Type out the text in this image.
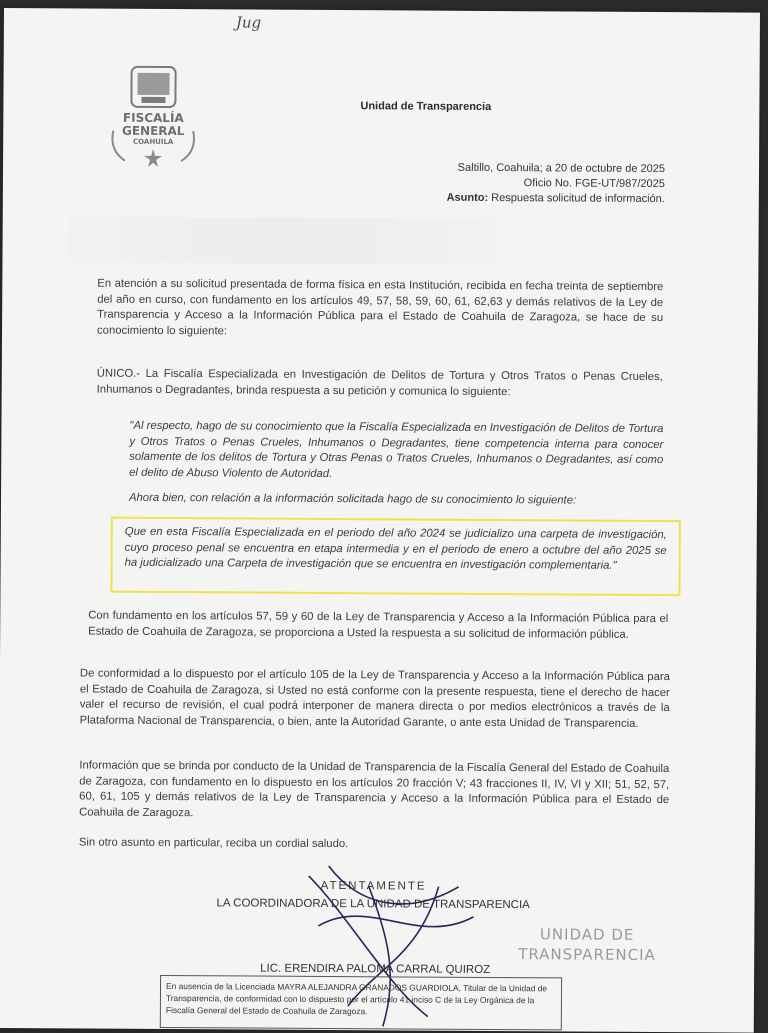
Jug
FISCALÍA
GENERAL
COAHUILA
Unidad de Transparencia
Saltillo, Coahuila; a 20 de octubre de 2025
Oficio No. FGE-UT/987/2025
Asunto: Respuesta solicitud de información.
En atención a su solicitud presentada de forma física en esta Institución, recibida en fecha treinta de septiembre del año en curso, con fundamento en los artículos 49, 57, 58, 59, 60, 61, 62,63 y demás relativos de la Ley de Transparencia y Acceso a la Información Pública para el Estado de Coahuila de Zaragoza, se hace de su conocimiento lo siguiente:
ÚNICO.- La Fiscalía Especializada en Investigación de Delitos de Tortura y Otros Tratos o Penas Crueles, Inhumanos o Degradantes, brinda respuesta a su petición y comunica lo siguiente:
"Al respecto, hago de su conocimiento que la Fiscalía Especializada en Investigación de Delitos de Tortura y Otros Tratos o Penas Crueles, Inhumanos o Degradantes, tiene competencia interna para conocer solamente de los delitos de Tortura y Otras Penas o Tratos Crueles, Inhumanos o Degradantes, así como el delito de Abuso Violento de Autoridad.
Ahora bien, con relación a la información solicitada hago de su conocimiento lo siguiente:
Que en esta Fiscalía Especializada en el periodo del año 2024 se judicializo una carpeta de investigación, cuyo proceso penal se encuentra en etapa intermedia y en el periodo de enero a octubre del año 2025 se ha judicializado una Carpeta de investigación que se encuentra en investigación complementaria."
Con fundamento en los artículos 57, 59 y 60 de la Ley de Transparencia y Acceso a la Información Pública para el Estado de Coahuila de Zaragoza, se proporciona a Usted la respuesta a su solicitud de información pública.
De conformidad a lo dispuesto por el artículo 105 de la Ley de Transparencia y Acceso a la Información Pública para el Estado de Coahuila de Zaragoza, si Usted no está conforme con la presente respuesta, tiene el derecho de hacer valer el recurso de revisión, el cual podrá interponer de manera directa o por medios electrónicos a través de la Plataforma Nacional de Transparencia, o bien, ante la Autoridad Garante, o ante esta Unidad de Transparencia.
Información que se brinda por conducto de la Unidad de Transparencia de la Fiscalía General del Estado de Coahuila de Zaragoza, con fundamento en lo dispuesto en los artículos 20 fracción V; 43 fracciones II, IV, VI y XII; 51, 52, 57, 60, 61, 105 y demás relativos de la Ley de Transparencia y Acceso a la Información Pública para el Estado de Coahuila de Zaragoza.
Sin otro asunto en particular, reciba un cordial saludo.
ATENTAMENTE
LA COORDINADORA DE LA UNIDAD DE TRANSPARENCIA
UNIDAD DE
TRANSPARENCIA
LIC. ERENDIRA PALOMA CARRAL QUIROZ
En ausencia de la Licenciada MAYRA ALEJANDRA GRANADOS GUARDIOLA, Titular de la Unidad de Transparencia, de conformidad con lo dispuesto por el artículo 41 inciso C de la Ley Orgánica de la Fiscalía General del Estado de Coahuila de Zaragoza.
